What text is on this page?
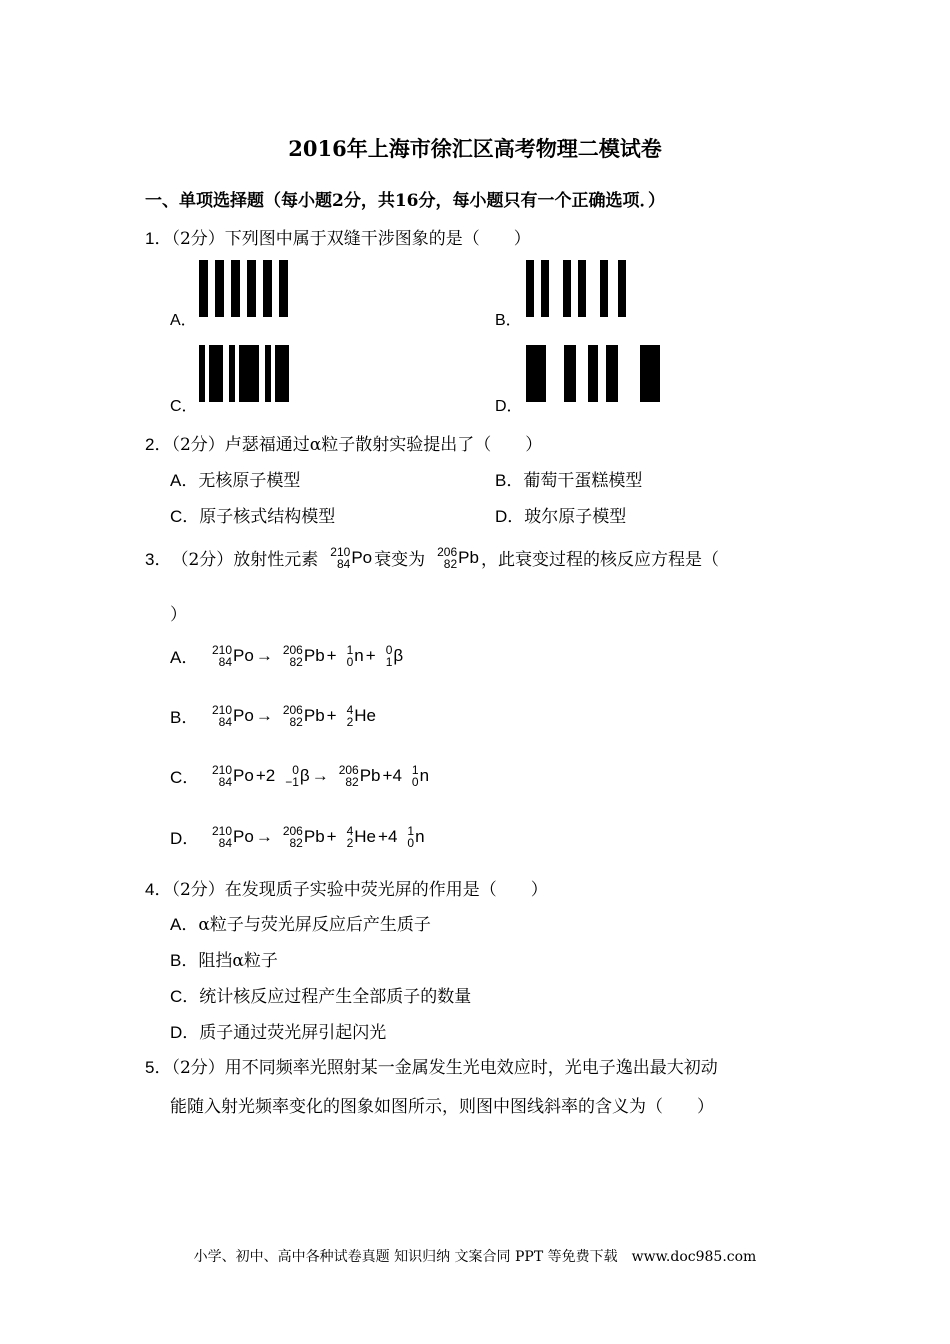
2016年上海市徐汇区高考物理二模试卷
一、单项选择题（每小题2分，共16分，每小题只有一个正确选项．）
1．（2分）下列图中属于双缝干涉图象的是（　　）
A．	B．
C．	D．
2．（2分）卢瑟福通过α粒子散射实验提出了（　　）
A．无核原子模型	B．葡萄干蛋糕模型
C．原子核式结构模型	D．玻尔原子模型
3． （2分）放射性元素 210
84 Po 衰变为 206
82 Pb ，此衰变过程的核反应方程是（
）
A．	210
84 Po → 206
82 Pb + 1
0 n + 0
1 β
B．	210
84 Po → 206
82 Pb + 4
2 He
C．	210
84 Po +2 0
−1 β → 206
82 Pb +4 1
0 n
D．	210
84 Po → 206
82 Pb + 4
2 He +4 1
0 n
4．（2分）在发现质子实验中荧光屏的作用是（　　）
A．α粒子与荧光屏反应后产生质子
B．阻挡α粒子
C．统计核反应过程产生全部质子的数量
D．质子通过荧光屏引起闪光
5．（2分）用不同频率光照射某一金属发生光电效应时，光电子逸出最大初动
能随入射光频率变化的图象如图所示，则图中图线斜率的含义为（　　）
小学、初中、高中各种试卷真题 知识归纳 文案合同 PPT 等免费下载　www.doc985.com
